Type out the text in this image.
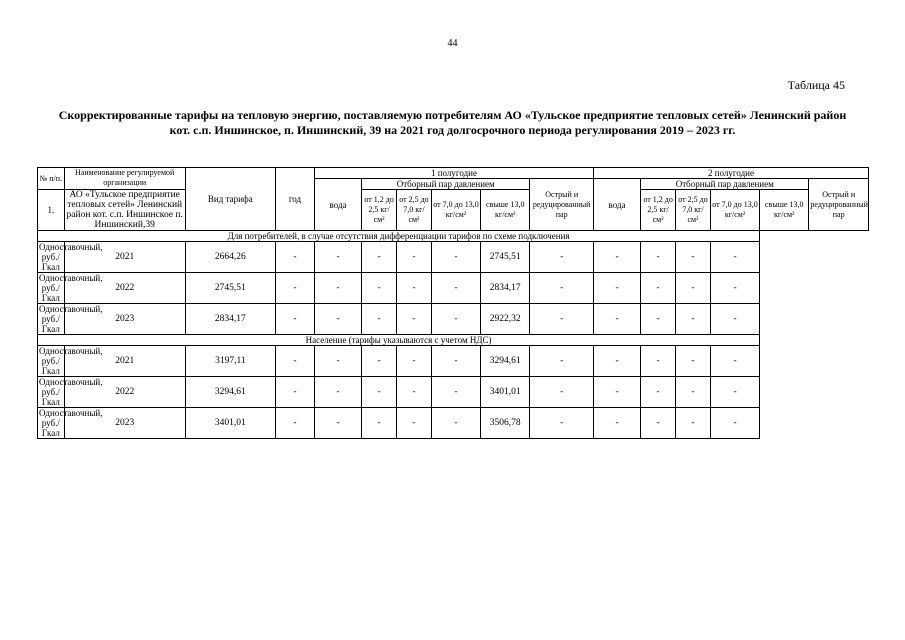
44
Таблица 45
Скорректированные тарифы на тепловую энергию, поставляемую потребителям АО «Тульское предприятие тепловых сетей» Ленинский район
кот. с.п. Иншинское, п. Иншинский, 39 на 2021 год долгосрочного периода регулирования 2019 – 2023 гг.
№ п/п.	Наименование регулируемой организации	Вид тарифа	год	1 полугодие						2 полугодие					
				вода	Отборный пар давлением				Острый и редуцированный пар	вода	Отборный пар давлением				Острый и редуцированный пар
					от 1,2 до 2,5 кг/см²	от 2,5 до 7,0 кг/см²	от 7,0 до 13,0 кг/см²	свыше 13,0 кг/см²			от 1,2 до 2,5 кг/см²	от 2,5 до 7,0 кг/см²	от 7,0 до 13,0 кг/см²	свыше 13,0 кг/см²	
1.	АО «Тульское предприятие тепловых сетей» Ленинский район кот. с.п. Иншинское п. Иншинский,39														
Для потребителей, в случае отсутствия дифференциации тарифов по схеме подключения															
Одноставочный, руб./Гкал	2021	2664,26	-	-	-	-	-	2745,51	-	-	-	-	-		
Одноставочный, руб./Гкал	2022	2745,51	-	-	-	-	-	2834,17	-	-	-	-	-		
Одноставочный, руб./Гкал	2023	2834,17	-	-	-	-	-	2922,32	-	-	-	-	-		
Население (тарифы указываются с учетом НДС)															
Одноставочный, руб./Гкал	2021	3197,11	-	-	-	-	-	3294,61	-	-	-	-	-		
Одноставочный, руб./Гкал	2022	3294,61	-	-	-	-	-	3401,01	-	-	-	-	-		
Одноставочный, руб./Гкал	2023	3401,01	-	-	-	-	-	3506,78	-	-	-	-	-		
